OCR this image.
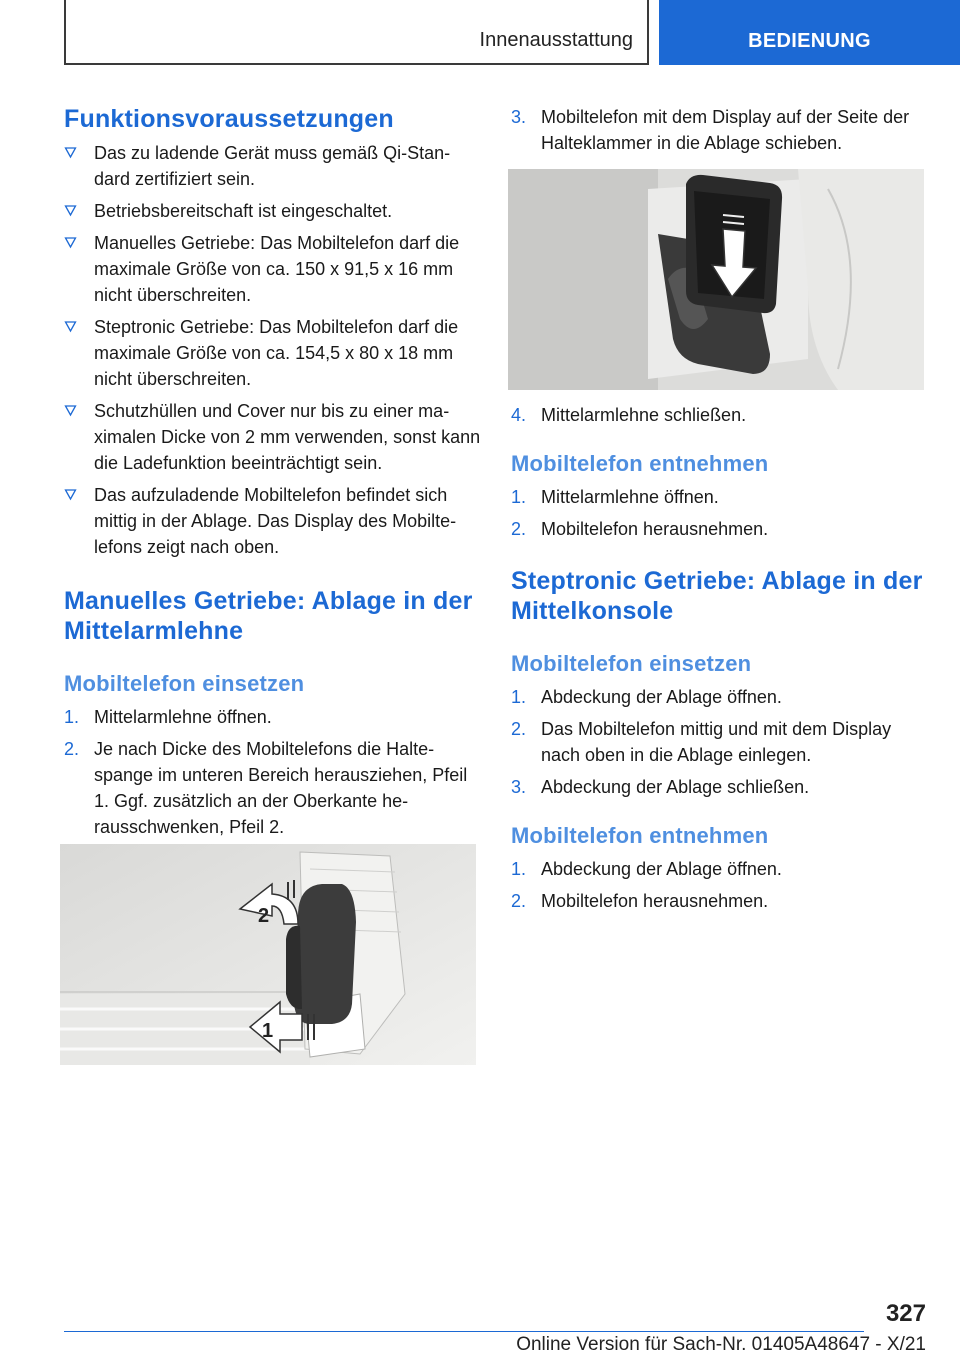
Innenausstattung	BEDIENUNG
Funktionsvoraussetzungen
Das zu ladende Gerät muss gemäß Qi-Stan- dard zertifiziert sein.
Betriebsbereitschaft ist eingeschaltet.
Manuelles Getriebe: Das Mobiltelefon darf die maximale Größe von ca. 150 x 91,5 x 16 mm nicht überschreiten.
Steptronic Getriebe: Das Mobiltelefon darf die maximale Größe von ca. 154,5 x 80 x 18 mm nicht überschreiten.
Schutzhüllen und Cover nur bis zu einer ma- ximalen Dicke von 2 mm verwenden, sonst kann die Ladefunktion beeinträchtigt sein.
Das aufzuladende Mobiltelefon befindet sich mittig in der Ablage. Das Display des Mobilte- lefons zeigt nach oben.
Manuelles Getriebe: Ablage in der Mittelarmlehne
Mobiltelefon einsetzen
1. Mittelarmlehne öffnen.
2. Je nach Dicke des Mobiltelefons die Halte- spange im unteren Bereich herausziehen, Pfeil 1. Ggf. zusätzlich an der Oberkante he- rausschwenken, Pfeil 2.
2
1
3. Mobiltelefon mit dem Display auf der Seite der Halteklammer in die Ablage schieben.
4. Mittelarmlehne schließen.
Mobiltelefon entnehmen
1. Mittelarmlehne öffnen.
2. Mobiltelefon herausnehmen.
Steptronic Getriebe: Ablage in der Mittelkonsole
Mobiltelefon einsetzen
1. Abdeckung der Ablage öffnen.
2. Das Mobiltelefon mittig und mit dem Display nach oben in die Ablage einlegen.
3. Abdeckung der Ablage schließen.
Mobiltelefon entnehmen
1. Abdeckung der Ablage öffnen.
2. Mobiltelefon herausnehmen.
327
Online Version für Sach-Nr. 01405A48647 - X/21
